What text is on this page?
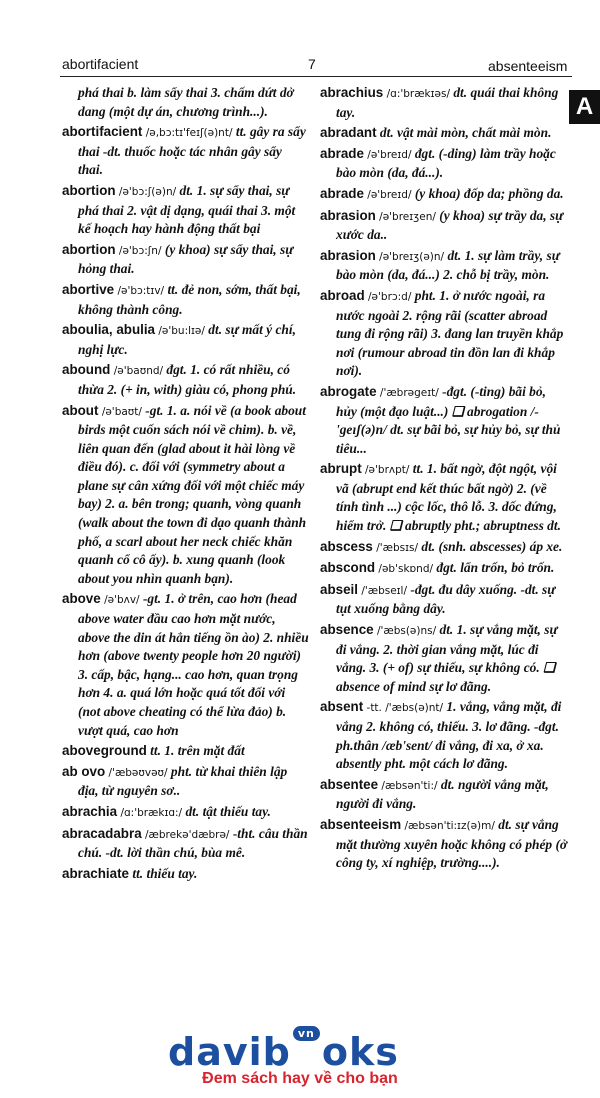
abortifacient	7	absenteeism
A
phá thai b. làm sẩy thai 3. chấm dứt dở dang (một dự án, chương trình...).
abortifacient /ə,bɔ:tɪ'feɪʃ(ə)nt/ tt. gây ra sẩy thai -dt. thuốc hoặc tác nhân gây sẩy thai.
abortion /ə'bɔ:ʃ(ə)n/ dt. 1. sự sẩy thai, sự phá thai 2. vật dị dạng, quái thai 3. một kế hoạch hay hành động thất bại
abortion /ə'bɔ:ʃn/ (y khoa) sự sẩy thai, sự hỏng thai.
abortive /ə'bɔ:tɪv/ tt. đẻ non, sớm, thất bại, không thành công.
aboulia, abulia /ə'bu:lɪə/ dt. sự mất ý chí, nghị lực.
abound /ə'baʊnd/ đgt. 1. có rất nhiều, có thừa 2. (+ in, with) giàu có, phong phú.
about /ə'baʊt/ -gt. 1. a. nói về (a book about birds một cuốn sách nói về chim). b. về, liên quan đến (glad about it hài lòng về điều đó). c. đối với (symmetry about a plane sự cân xứng đối với một chiếc máy bay) 2. a. bên trong; quanh, vòng quanh (walk about the town đi dạo quanh thành phố, a scarl about her neck chiếc khăn quanh cổ cô ấy). b. xung quanh (look about you nhìn quanh bạn).
above /ə'bʌv/ -gt. 1. ở trên, cao hơn (head above water đầu cao hơn mặt nước, above the din át hẳn tiếng ồn ào) 2. nhiều hơn (above twenty people hơn 20 người) 3. cấp, bậc, hạng... cao hơn, quan trọng hơn 4. a. quá lớn hoặc quá tốt đối với (not above cheating có thể lừa đảo) b. vượt quá, cao hơn
aboveground tt. 1. trên mặt đất
ab ovo /'æbəʊvəʊ/ pht. từ khai thiên lập địa, từ nguyên sơ..
abrachia /ɑ:'brækɪɑ:/ dt. tật thiếu tay.
abracadabra /æbrekə'dæbrə/ -tht. câu thần chú. -dt. lời thần chú, bùa mê.
abrachiate tt. thiếu tay.
abrachius /ɑ:'brækɪəs/ dt. quái thai không tay.
abradant dt. vật mài mòn, chất mài mòn.
abrade /ə'breɪd/ đgt. (-ding) làm trầy hoặc bào mòn (da, đá...).
abrade /ə'breɪd/ (y khoa) đốp da; phồng da.
abrasion /ə'breɪʒen/ (y khoa) sự trầy da, sự xước da..
abrasion /ə'breɪʒ(ə)n/ dt. 1. sự làm trầy, sự bào mòn (da, đá...) 2. chỗ bị trầy, mòn.
abroad /ə'brɔ:d/ pht. 1. ở nước ngoài, ra nước ngoài 2. rộng rãi (scatter abroad tung đi rộng rãi) 3. đang lan truyền khắp nơi (rumour abroad tin đồn lan đi khắp nơi).
abrogate /'æbrəgeɪt/ -đgt. (-ting) bãi bỏ, hủy (một đạo luật...) ❑ abrogation /-'geɪʃ(ə)n/ dt. sự bãi bỏ, sự hủy bỏ, sự thủ tiêu...
abrupt /ə'brʌpt/ tt. 1. bất ngờ, đột ngột, vội vã (abrupt end kết thúc bất ngờ) 2. (về tính tình ...) cộc lốc, thô lỗ. 3. dốc đứng, hiểm trở. ❑ abruptly pht.; abruptness dt.
abscess /'æbsɪs/ dt. (snh. abscesses) áp xe.
abscond /əb'skɒnd/ đgt. lẩn trốn, bỏ trốn.
abseil /'æbseɪl/ -đgt. đu dây xuống. -dt. sự tụt xuống bằng dây.
absence /'æbs(ə)ns/ dt. 1. sự vắng mặt, sự đi vắng. 2. thời gian vắng mặt, lúc đi vắng. 3. (+ of) sự thiếu, sự không có. ❑ absence of mind sự lơ đãng.
absent -tt. /'æbs(ə)nt/ 1. vắng, vắng mặt, đi vắng 2. không có, thiếu. 3. lơ đãng. -đgt. ph.thân /æb'sent/ đi vắng, đi xa, ở xa. absently pht. một cách lơ đãng.
absentee /æbsən'ti:/ dt. người vắng mặt, người đi vắng.
absenteeism /æbsən'ti:ɪz(ə)m/ dt. sự vắng mặt thường xuyên hoặc không có phép (ở công ty, xí nghiệp, trường....).
davib vn oks
Đem sách hay về cho bạn
